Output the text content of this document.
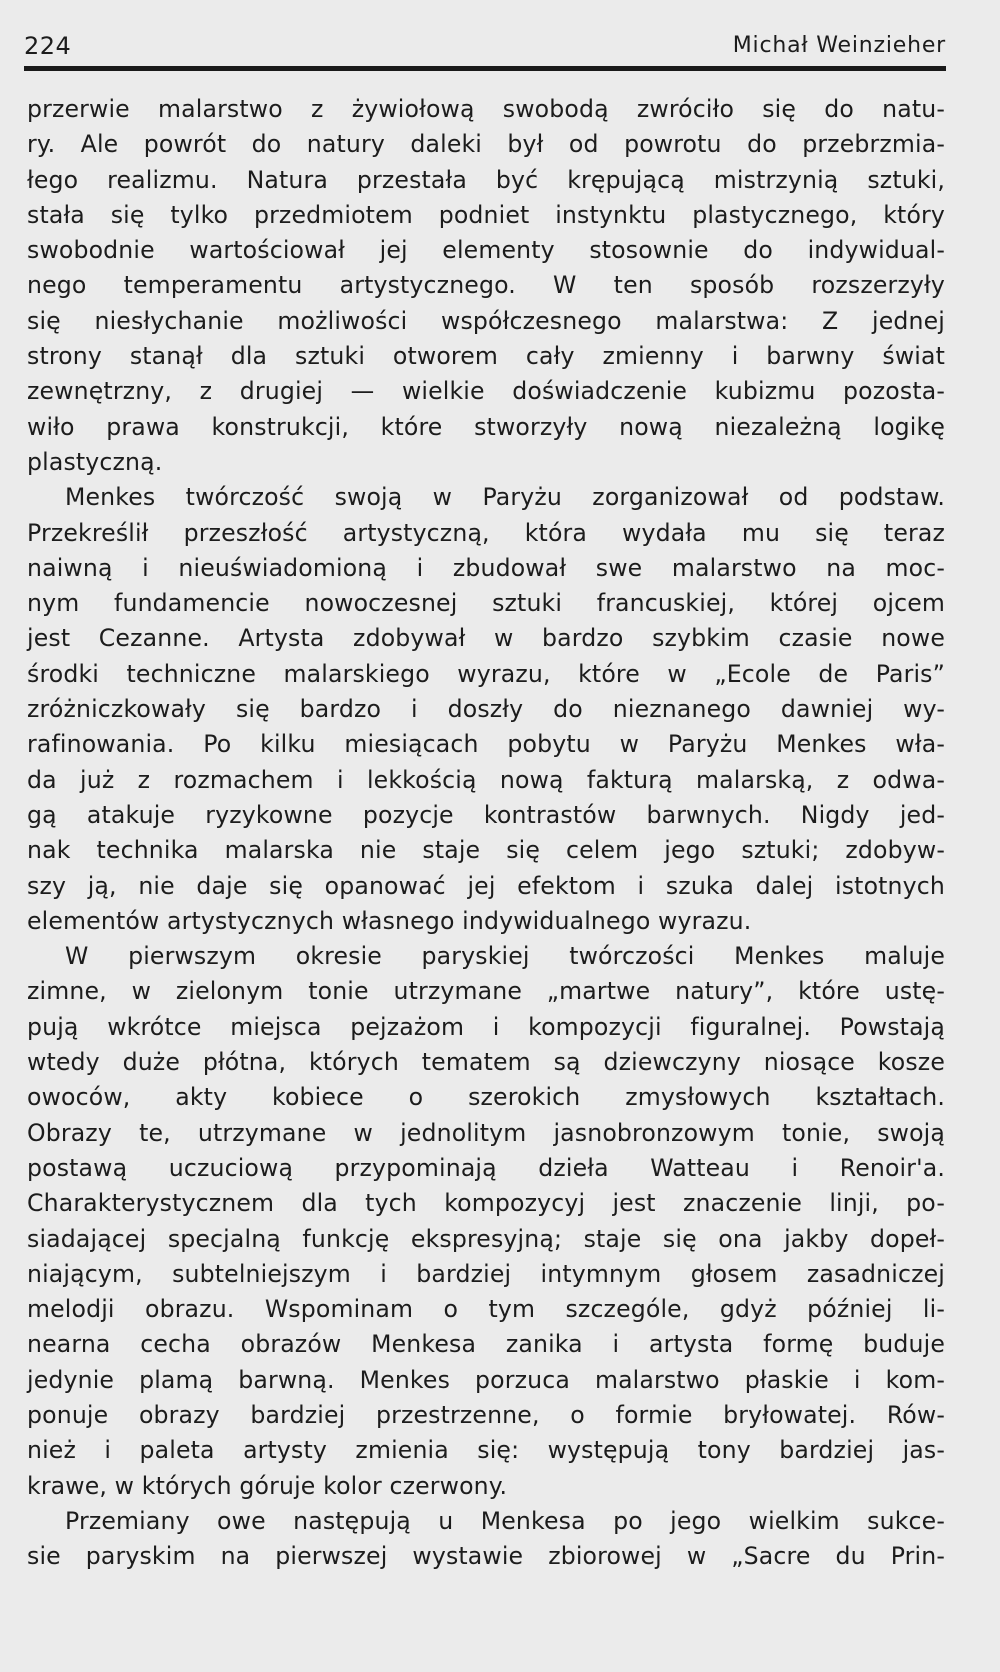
224	Michał Weinzieher
przerwie malarstwo z żywiołową swobodą zwróciło się do natu-
ry. Ale powrót do natury daleki był od powrotu do przebrzmia-
łego realizmu. Natura przestała być krępującą mistrzynią sztuki,
stała się tylko przedmiotem podniet instynktu plastycznego, który
swobodnie wartościował jej elementy stosownie do indywidual-
nego temperamentu artystycznego. W ten sposób rozszerzyły
się niesłychanie możliwości współczesnego malarstwa: Z jednej
strony stanął dla sztuki otworem cały zmienny i barwny świat
zewnętrzny, z drugiej — wielkie doświadczenie kubizmu pozosta-
wiło prawa konstrukcji, które stworzyły nową niezależną logikę
plastyczną.
Menkes twórczość swoją w Paryżu zorganizował od podstaw.
Przekreślił przeszłość artystyczną, która wydała mu się teraz
naiwną i nieuświadomioną i zbudował swe malarstwo na moc-
nym fundamencie nowoczesnej sztuki francuskiej, której ojcem
jest Cezanne. Artysta zdobywał w bardzo szybkim czasie nowe
środki techniczne malarskiego wyrazu, które w „Ecole de Paris”
zróżniczkowały się bardzo i doszły do nieznanego dawniej wy-
rafinowania. Po kilku miesiącach pobytu w Paryżu Menkes wła-
da już z rozmachem i lekkością nową fakturą malarską, z odwa-
gą atakuje ryzykowne pozycje kontrastów barwnych. Nigdy jed-
nak technika malarska nie staje się celem jego sztuki; zdobyw-
szy ją, nie daje się opanować jej efektom i szuka dalej istotnych
elementów artystycznych własnego indywidualnego wyrazu.
W pierwszym okresie paryskiej twórczości Menkes maluje
zimne, w zielonym tonie utrzymane „martwe natury”, które ustę-
pują wkrótce miejsca pejzażom i kompozycji figuralnej. Powstają
wtedy duże płótna, których tematem są dziewczyny niosące kosze
owoców, akty kobiece o szerokich zmysłowych kształtach.
Obrazy te, utrzymane w jednolitym jasnobronzowym tonie, swoją
postawą uczuciową przypominają dzieła Watteau i Renoir'a.
Charakterystycznem dla tych kompozycyj jest znaczenie linji, po-
siadającej specjalną funkcję ekspresyjną; staje się ona jakby dopeł-
niającym, subtelniejszym i bardziej intymnym głosem zasadniczej
melodji obrazu. Wspominam o tym szczególe, gdyż później li-
nearna cecha obrazów Menkesa zanika i artysta formę buduje
jedynie plamą barwną. Menkes porzuca malarstwo płaskie i kom-
ponuje obrazy bardziej przestrzenne, o formie bryłowatej. Rów-
nież i paleta artysty zmienia się: występują tony bardziej jas-
krawe, w których góruje kolor czerwony.
Przemiany owe następują u Menkesa po jego wielkim sukce-
sie paryskim na pierwszej wystawie zbiorowej w „Sacre du Prin-
